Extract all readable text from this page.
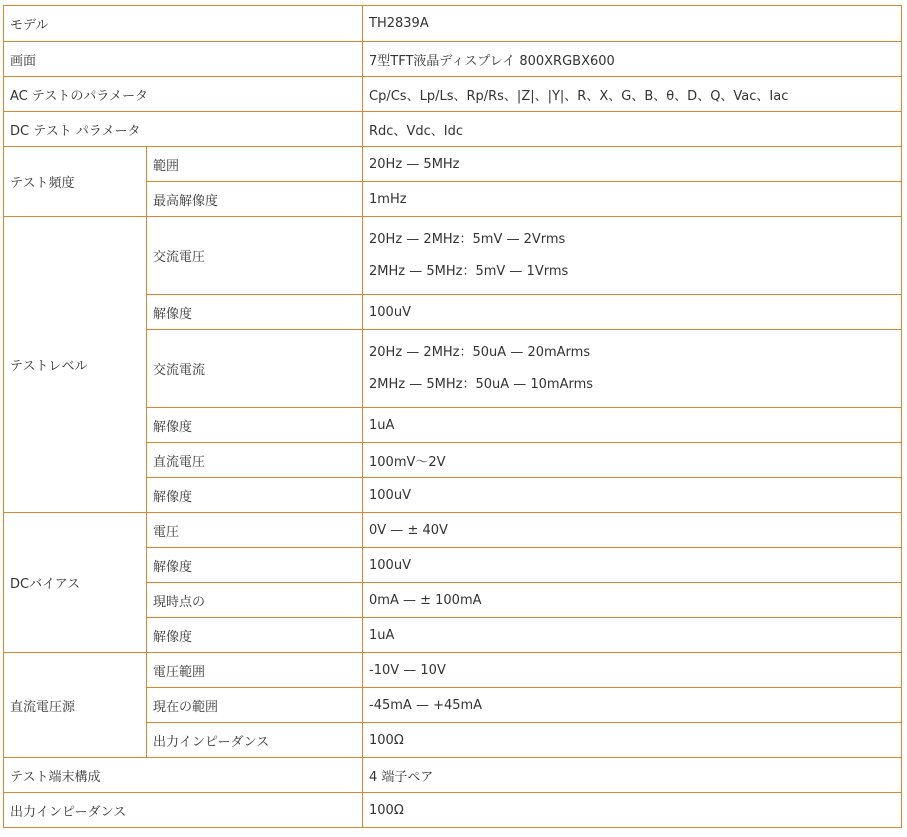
モデル		TH2839A
画面		7型TFT液晶ディスプレイ 800XRGBX600
AC テストのパラメータ		Cp/Cs、Lp/Ls、Rp/Rs、|Z|、|Y|、R、X、G、B、θ、D、Q、Vac、Iac
DC テスト パラメータ		Rdc、Vdc、Idc
テスト頻度	範囲	20Hz — 5MHz
	最高解像度	1mHz
テストレベル	交流電圧	20Hz — 2MHz：5mV — 2Vrms
2MHz — 5MHz：5mV — 1Vrms

	解像度	100uV
	交流電流	20Hz — 2MHz：50uA — 20mArms
2MHz — 5MHz：50uA — 10mArms

	解像度	1uA
	直流電圧	100mV～2V
	解像度	100uV
DCバイアス	電圧	0V — ± 40V
	解像度	100uV
	現時点の	0mA — ± 100mA
	解像度	1uA
直流電圧源	電圧範囲	-10V — 10V
	現在の範囲	-45mA — +45mA
	出力インピーダンス	100Ω
テスト端末構成		4 端子ペア
出力インピーダンス		100Ω
